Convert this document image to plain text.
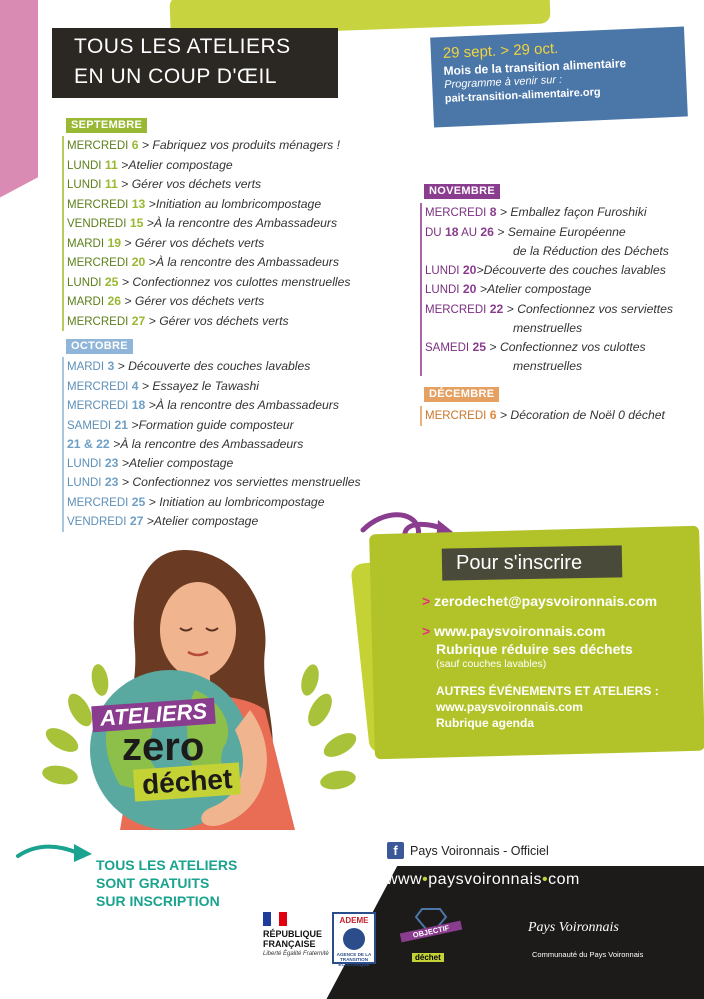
TOUS LES ATELIERS
EN UN COUP D'ŒIL
29 sept. > 29 oct.
Mois de la transition alimentaire
Programme à venir sur :
pait-transition-alimentaire.org
SEPTEMBRE
MERCREDI 6 > Fabriquez vos produits ménagers !
LUNDI 11 >Atelier compostage
LUNDI 11 > Gérer vos déchets verts
MERCREDI 13 >Initiation au lombricompostage
VENDREDI 15 >À la rencontre des Ambassadeurs
MARDI 19 > Gérer vos déchets verts
MERCREDI 20 >À la rencontre des Ambassadeurs
LUNDI 25 > Confectionnez vos culottes menstruelles
MARDI 26 > Gérer vos déchets verts
MERCREDI 27 > Gérer vos déchets verts
OCTOBRE
MARDI 3 > Découverte des couches lavables
MERCREDI 4 > Essayez le Tawashi
MERCREDI 18 >À la rencontre des Ambassadeurs
SAMEDI 21 >Formation guide composteur
21 & 22 >À la rencontre des Ambassadeurs
LUNDI 23 >Atelier compostage
LUNDI 23 > Confectionnez vos serviettes menstruelles
MERCREDI 25 > Initiation au lombricompostage
VENDREDI 27 >Atelier compostage
NOVEMBRE
MERCREDI 8 > Emballez façon Furoshiki
DU 18 AU 26 > Semaine Européenne
de la Réduction des Déchets
LUNDI 20>Découverte des couches lavables
LUNDI 20 >Atelier compostage
MERCREDI 22 > Confectionnez vos serviettes
menstruelles
SAMEDI 25 > Confectionnez vos culottes
menstruelles
DÉCEMBRE
MERCREDI 6 > Décoration de Noël 0 déchet
Pour s'inscrire
> zerodechet@paysvoironnais.com
> www.paysvoironnais.com
Rubrique réduire ses déchets
(sauf couches lavables)
AUTRES ÉVÉNEMENTS ET ATELIERS :
www.paysvoironnais.com
Rubrique agenda
ATELIERS
zero
déchet
TOUS LES ATELIERS
SONT GRATUITS
SUR INSCRIPTION
f Pays Voironnais - Officiel
www•paysvoironnais•com
RÉPUBLIQUE
FRANÇAISE
Liberté Égalité Fraternité
ADEME
AGENCE DE LA TRANSITION ÉCOLOGIQUE
OBJECTIF
zero
déchet
Pays Voironnais
Communauté du Pays Voironnais
